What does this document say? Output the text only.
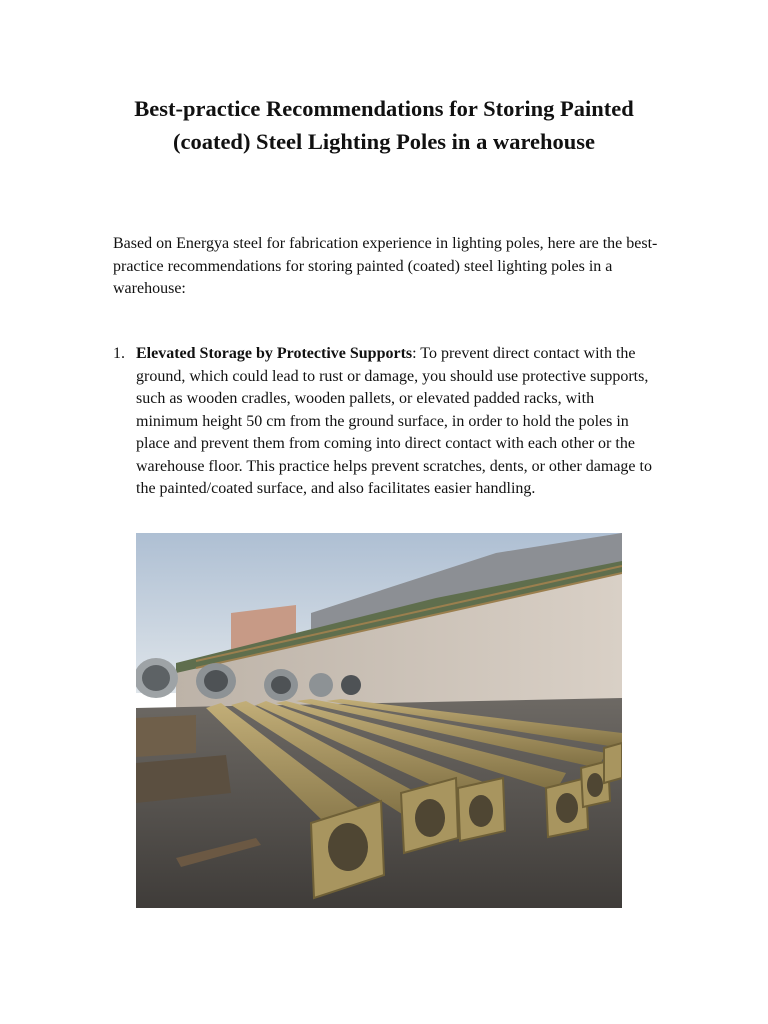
Best-practice Recommendations for Storing Painted (coated) Steel Lighting Poles in a warehouse

Based on Energya steel for fabrication experience in lighting poles, here are the best-practice recommendations for storing painted (coated) steel lighting poles in a warehouse:

1. Elevated Storage by Protective Supports: To prevent direct contact with the ground, which could lead to rust or damage, you should use protective supports, such as wooden cradles, wooden pallets, or elevated padded racks, with minimum height 50 cm from the ground surface, in order to hold the poles in place and prevent them from coming into direct contact with each other or the warehouse floor. This practice helps prevent scratches, dents, or other damage to the painted/coated surface, and also facilitates easier handling.
